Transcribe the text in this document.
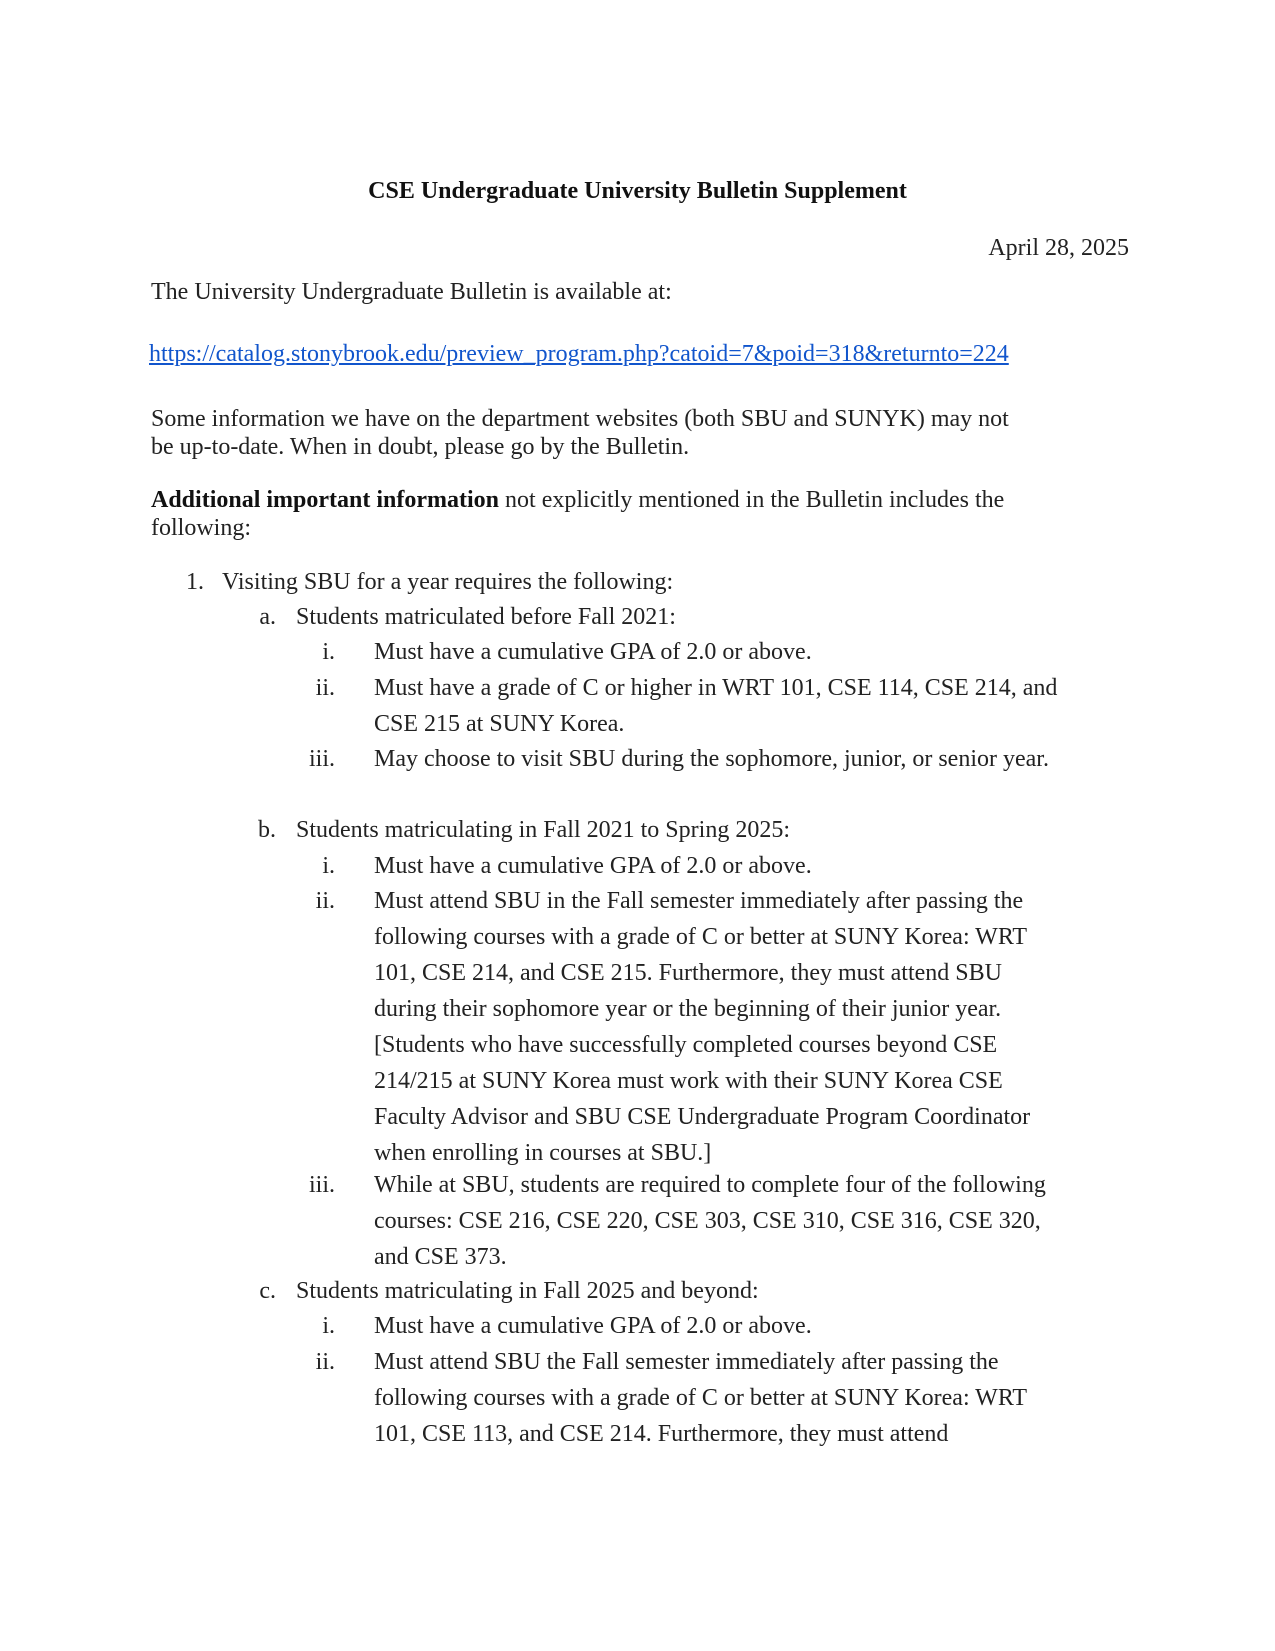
CSE Undergraduate University Bulletin Supplement
April 28, 2025
The University Undergraduate Bulletin is available at:
https://catalog.stonybrook.edu/preview_program.php?catoid=7&poid=318&returnto=224
Some information we have on the department websites (both SBU and SUNYK) may not be up-to-date. When in doubt, please go by the Bulletin.
Additional important information not explicitly mentioned in the Bulletin includes the following:
1. Visiting SBU for a year requires the following:
a. Students matriculated before Fall 2021:
i. Must have a cumulative GPA of 2.0 or above.
ii. Must have a grade of C or higher in WRT 101, CSE 114, CSE 214, and CSE 215 at SUNY Korea.
iii. May choose to visit SBU during the sophomore, junior, or senior year.
b. Students matriculating in Fall 2021 to Spring 2025:
i. Must have a cumulative GPA of 2.0 or above.
ii. Must attend SBU in the Fall semester immediately after passing the following courses with a grade of C or better at SUNY Korea: WRT 101, CSE 214, and CSE 215. Furthermore, they must attend SBU during their sophomore year or the beginning of their junior year. [Students who have successfully completed courses beyond CSE 214/215 at SUNY Korea must work with their SUNY Korea CSE Faculty Advisor and SBU CSE Undergraduate Program Coordinator when enrolling in courses at SBU.]
iii. While at SBU, students are required to complete four of the following courses: CSE 216, CSE 220, CSE 303, CSE 310, CSE 316, CSE 320, and CSE 373.
c. Students matriculating in Fall 2025 and beyond:
i. Must have a cumulative GPA of 2.0 or above.
ii. Must attend SBU the Fall semester immediately after passing the following courses with a grade of C or better at SUNY Korea: WRT 101, CSE 113, and CSE 214. Furthermore, they must attend
